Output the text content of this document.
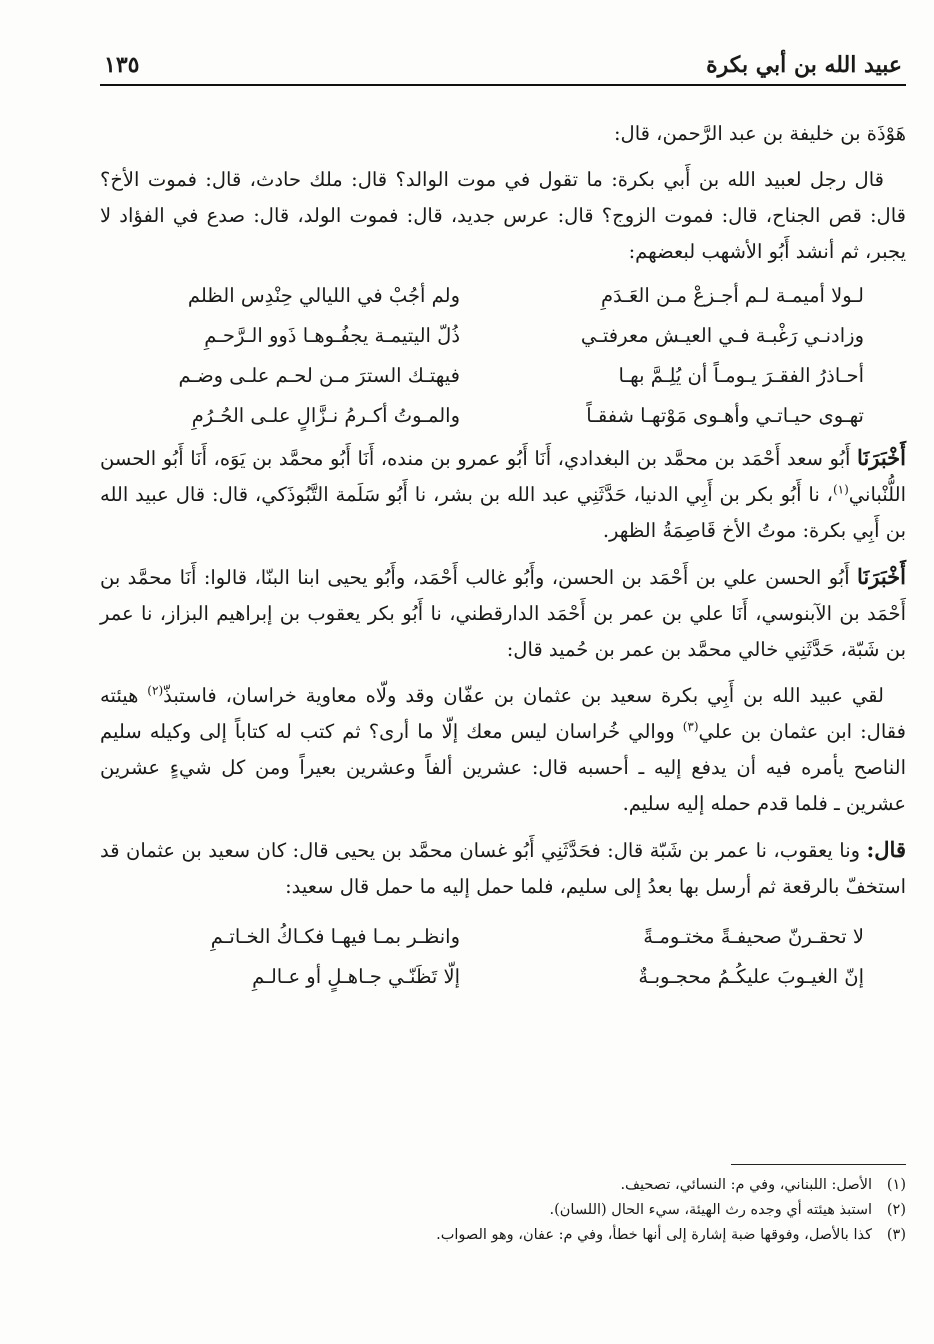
عبيد الله بن أبي بكرة
١٣٥

هَوْذَة بن خليفة بن عبد الرَّحمن، قال:

قال رجل لعبيد الله بن أَبي بكرة: ما تقول في موت الوالد؟ قال: ملك حادث، قال: فموت الأخ؟ قال: قص الجناح، قال: فموت الزوج؟ قال: عرس جديد، قال: فموت الولد، قال: صدع في الفؤاد لا يجبر، ثم أنشد أَبُو الأشهب لبعضهم:

لـولا أميمـة لـم أجـزعْ مـن العَـدَمِ
ولم أجُبْ في الليالي حِنْدِس الظلم
وزادنـي رَغْبـة فـي العيـش معرفتـي
ذُلّ اليتيمـة يجفُـوهـا ذَوو الـرَّحـمِ
أحـاذرُ الفقـرَ يـومـاً أن يُلِـمَّ بهـا
فيهتـك السترَ مـن لحـم علـى وضـم
تهـوى حيـاتـي وأهـوى مَوْتهـا شفقـاً
والمـوتُ أكـرمُ نـزَّالٍ علـى الحُـرُمِ

أَخْبَرَنَا أَبُو سعد أَحْمَد بن محمَّد بن البغدادي، أَنَا أَبُو عمرو بن منده، أَنَا أَبُو محمَّد بن يَوَه، أَنَا أَبُو الحسن اللُّنْباني$^{(١)}$، نا أَبُو بكر بن أَبِي الدنيا، حَدَّثَنِي عبد الله بن بشر، نا أَبُو سَلَمة التَّبُوذَكي، قال: قال عبيد الله بن أَبِي بكرة: موتُ الأخ قَاصِمَةُ الظهر.

أَخْبَرَنَا أَبُو الحسن علي بن أَحْمَد بن الحسن، وأَبُو غالب أَحْمَد، وأَبُو يحيى ابنا البنّا، قالوا: أَنَا محمَّد بن أَحْمَد بن الآبنوسي، أَنَا علي بن عمر بن أَحْمَد الدارقطني، نا أَبُو بكر يعقوب بن إبراهيم البزاز، نا عمر بن شَبّة، حَدَّثَنِي خالي محمَّد بن عمر بن حُميد قال:

لقي عبيد الله بن أَبِي بكرة سعيد بن عثمان بن عفّان وقد ولّاه معاوية خراسان، فاستبذّ$^{(٢)}$ هيئته فقال: ابن عثمان بن علي$^{(٣)}$ ووالي خُراسان ليس معك إلّا ما أرى؟ ثم كتب له كتاباً إلى وكيله سليم الناصح يأمره فيه أن يدفع إليه ـ أحسبه قال: عشرين ألفاً وعشرين بعيراً ومن كل شيءٍ عشرين عشرين ـ فلما قدم حمله إليه سليم.

قال: ونا يعقوب، نا عمر بن شَبّة قال: فحَدَّثَنِي أَبُو غسان محمَّد بن يحيى قال: كان سعيد بن عثمان قد استخفّ بالرقعة ثم أرسل بها بعدُ إلى سليم، فلما حمل إليه ما حمل قال سعيد:

لا تحقـرنّ صحيفـةً مختـومـةً
وانظـر بمـا فيهـا فكـاكُ الخـاتـمِ
إنّ الغيـوبَ عليكُـمُ محجـوبـةٌ
إلّا تَظَنّـي جـاهـلٍ أو عـالـمِ
(١)
الأصل: اللبناني، وفي م: النسائي، تصحيف.
(٢)
استبذ هيئته أي وجده رث الهيئة، سيء الحال (اللسان).
(٣)
كذا بالأصل، وفوقها ضبة إشارة إلى أنها خطأ، وفي م: عفان، وهو الصواب.
